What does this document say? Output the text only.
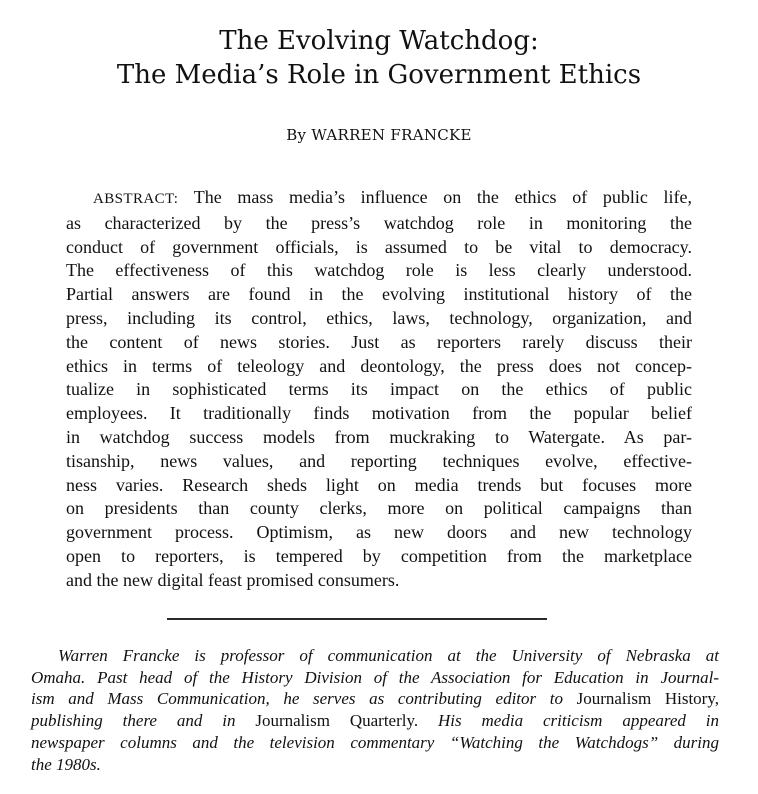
The Evolving Watchdog:
The Media’s Role in Government Ethics
By WARREN FRANCKE
ABSTRACT: The mass media’s influence on the ethics of public life,
as characterized by the press’s watchdog role in monitoring the
conduct of government officials, is assumed to be vital to democracy.
The effectiveness of this watchdog role is less clearly understood.
Partial answers are found in the evolving institutional history of the
press, including its control, ethics, laws, technology, organization, and
the content of news stories. Just as reporters rarely discuss their
ethics in terms of teleology and deontology, the press does not concep-
tualize in sophisticated terms its impact on the ethics of public
employees. It traditionally finds motivation from the popular belief
in watchdog success models from muckraking to Watergate. As par-
tisanship, news values, and reporting techniques evolve, effective-
ness varies. Research sheds light on media trends but focuses more
on presidents than county clerks, more on political campaigns than
government process. Optimism, as new doors and new technology
open to reporters, is tempered by competition from the marketplace
and the new digital feast promised consumers.
Warren Francke is professor of communication at the University of Nebraska at
Omaha. Past head of the History Division of the Association for Education in Journal-
ism and Mass Communication, he serves as contributing editor to Journalism History,
publishing there and in Journalism Quarterly. His media criticism appeared in
newspaper columns and the television commentary “Watching the Watchdogs” during
the 1980s.
